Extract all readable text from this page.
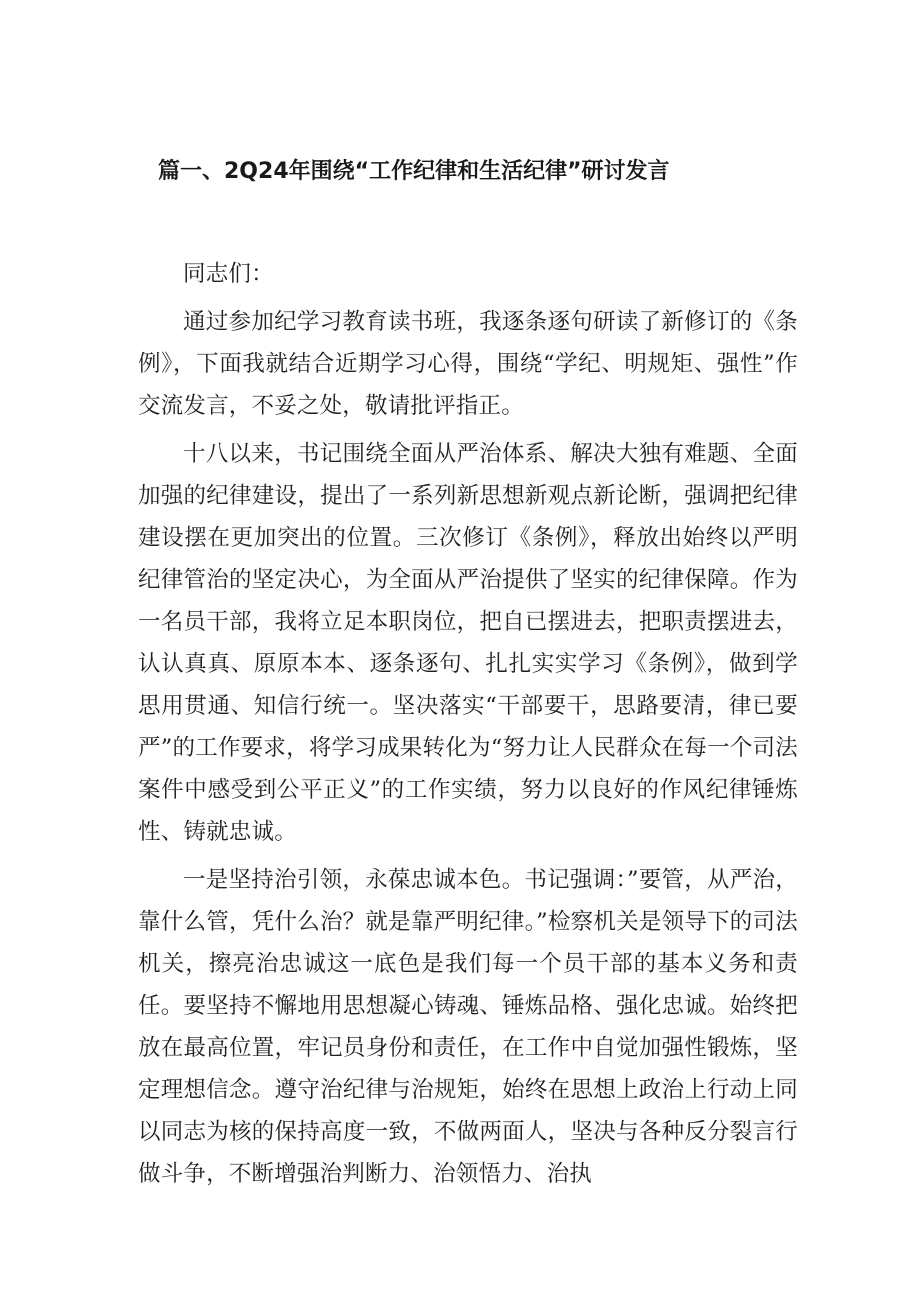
篇一、2Q24年围绕“工作纪律和生活纪律”研讨发言

同志们：

通过参加纪学习教育读书班，我逐条逐句研读了新修订的《条例》，下面我就结合近期学习心得，围绕“学纪、明规矩、强性”作交流发言，不妥之处，敬请批评指正。

十八以来，书记围绕全面从严治体系、解决大独有难题、全面加强的纪律建设，提出了一系列新思想新观点新论断，强调把纪律建设摆在更加突出的位置。三次修订《条例》，释放出始终以严明纪律管治的坚定决心，为全面从严治提供了坚实的纪律保障。作为一名员干部，我将立足本职岗位，把自已摆进去，把职责摆进去，认认真真、原原本本、逐条逐句、扎扎实实学习《条例》，做到学思用贯通、知信行统一。坚决落实“干部要干，思路要清，律已要严”的工作要求，将学习成果转化为“努力让人民群众在每一个司法案件中感受到公平正义”的工作实绩，努力以良好的作风纪律锤炼性、铸就忠诚。

一是坚持治引领，永葆忠诚本色。书记强调：”要管，从严治，靠什么管，凭什么治？就是靠严明纪律。”检察机关是领导下的司法机关，擦亮治忠诚这一底色是我们每一个员干部的基本义务和责任。要坚持不懈地用思想凝心铸魂、锤炼品格、强化忠诚。始终把放在最高位置，牢记员身份和责任，在工作中自觉加强性锻炼，坚定理想信念。遵守治纪律与治规矩，始终在思想上政治上行动上同以同志为核的保持高度一致，不做两面人，坚决与各种反分裂言行做斗争，不断增强治判断力、治领悟力、治执
